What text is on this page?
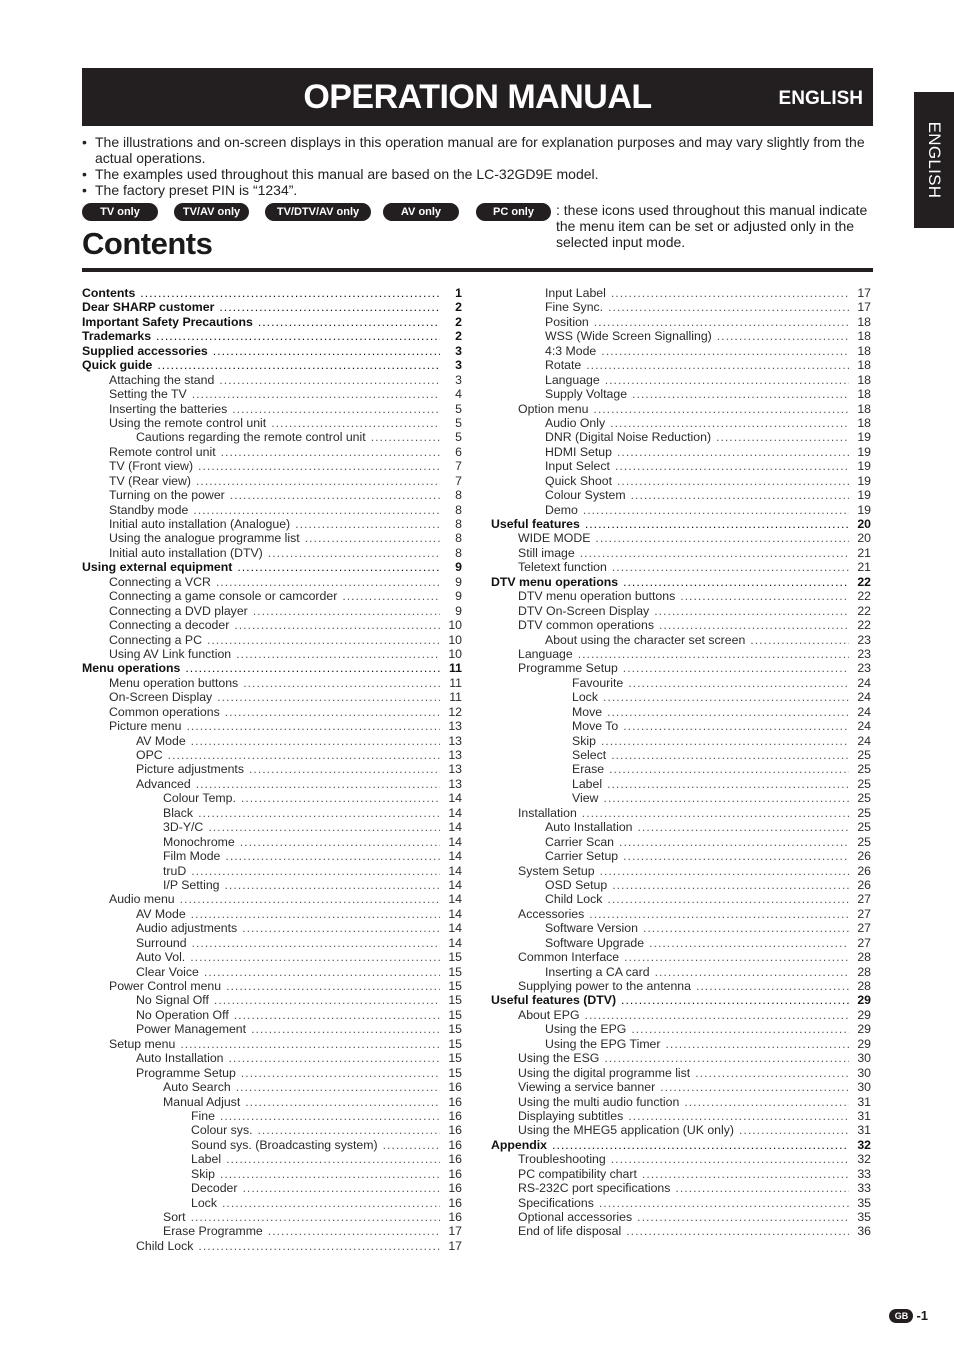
OPERATION MANUAL	ENGLISH
ENGLISH
• The illustrations and on-screen displays in this operation manual are for explanation purposes and may vary slightly from the actual operations.
• The examples used throughout this manual are based on the LC-32GD9E model.
• The factory preset PIN is “1234”.
TV only	TV/AV only	TV/DTV/AV only	AV only	PC only	: these icons used throughout this manual indicate the menu item can be set or adjusted only in the selected input mode.
Contents
Contents .....	1
Dear SHARP customer .....	2
Important Safety Precautions .....	2
Trademarks .....	2
Supplied accessories .....	3
Quick guide .....	3
Attaching the stand .....	3
Setting the TV .....	4
Inserting the batteries .....	5
Using the remote control unit .....	5
Cautions regarding the remote control unit .....	5
Remote control unit .....	6
TV (Front view) .....	7
TV (Rear view) .....	7
Turning on the power .....	8
Standby mode .....	8
Initial auto installation (Analogue) .....	8
Using the analogue programme list .....	8
Initial auto installation (DTV) .....	8
Using external equipment .....	9
Connecting a VCR .....	9
Connecting a game console or camcorder .....	9
Connecting a DVD player .....	9
Connecting a decoder .....	10
Connecting a PC .....	10
Using AV Link function .....	10
Menu operations .....	11
Menu operation buttons .....	11
On-Screen Display .....	11
Common operations .....	12
Picture menu .....	13
AV Mode .....	13
OPC .....	13
Picture adjustments .....	13
Advanced .....	13
Colour Temp. .....	14
Black .....	14
3D-Y/C .....	14
Monochrome .....	14
Film Mode .....	14
truD .....	14
I/P Setting .....	14
Audio menu .....	14
AV Mode .....	14
Audio adjustments .....	14
Surround .....	14
Auto Vol. .....	15
Clear Voice .....	15
Power Control menu .....	15
No Signal Off .....	15
No Operation Off .....	15
Power Management .....	15
Setup menu .....	15
Auto Installation .....	15
Programme Setup .....	15
Auto Search .....	16
Manual Adjust .....	16
Fine .....	16
Colour sys. .....	16
Sound sys. (Broadcasting system) .....	16
Label .....	16
Skip .....	16
Decoder .....	16
Lock .....	16
Sort .....	16
Erase Programme .....	17
Child Lock .....	17
Input Label .....	17
Fine Sync. .....	17
Position .....	18
WSS (Wide Screen Signalling) .....	18
4:3 Mode .....	18
Rotate .....	18
Language .....	18
Supply Voltage .....	18
Option menu .....	18
Audio Only .....	18
DNR (Digital Noise Reduction) .....	19
HDMI Setup .....	19
Input Select .....	19
Quick Shoot .....	19
Colour System .....	19
Demo .....	19
Useful features .....	20
WIDE MODE .....	20
Still image .....	21
Teletext function .....	21
DTV menu operations .....	22
DTV menu operation buttons .....	22
DTV On-Screen Display .....	22
DTV common operations .....	22
About using the character set screen .....	23
Language .....	23
Programme Setup .....	23
Favourite .....	24
Lock .....	24
Move .....	24
Move To .....	24
Skip .....	24
Select .....	25
Erase .....	25
Label .....	25
View .....	25
Installation .....	25
Auto Installation .....	25
Carrier Scan .....	25
Carrier Setup .....	26
System Setup .....	26
OSD Setup .....	26
Child Lock .....	27
Accessories .....	27
Software Version .....	27
Software Upgrade .....	27
Common Interface .....	28
Inserting a CA card .....	28
Supplying power to the antenna .....	28
Useful features (DTV) .....	29
About EPG .....	29
Using the EPG .....	29
Using the EPG Timer .....	29
Using the ESG .....	30
Using the digital programme list .....	30
Viewing a service banner .....	30
Using the multi audio function .....	31
Displaying subtitles .....	31
Using the MHEG5 application (UK only) .....	31
Appendix .....	32
Troubleshooting .....	32
PC compatibility chart .....	33
RS-232C port specifications .....	33
Specifications .....	35
Optional accessories .....	35
End of life disposal .....	36
GB -1
